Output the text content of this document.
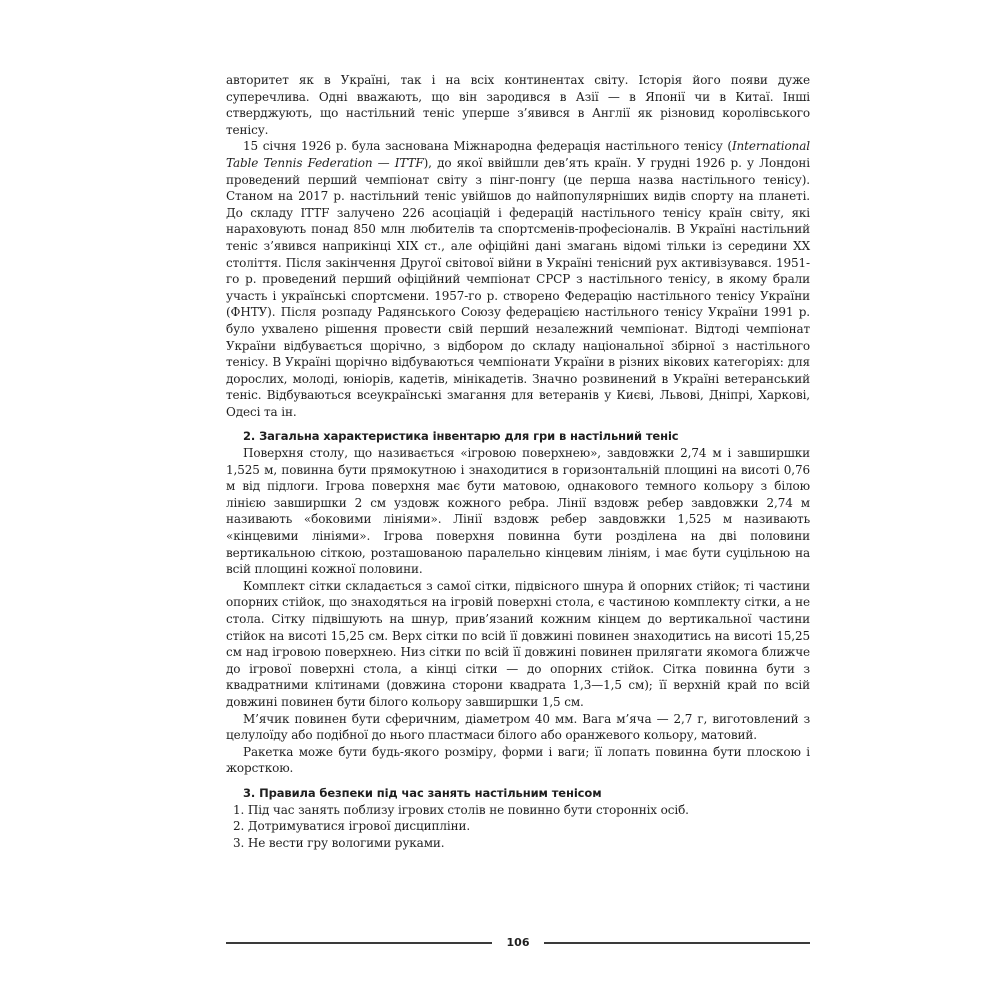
авторитет як в Україні, так і на всіх континентах світу. Історія його появи дуже суперечлива. Одні вважають, що він зародився в Азії — в Японії чи в Китаї. Інші стверджують, що настільний теніс уперше з’явився в Англії як різновид королівського тенісу.

15 січня 1926 р. була заснована Міжнародна федерація настільного тенісу (International Table Tennis Federation — ITTF), до якої ввійшли дев’ять країн. У грудні 1926 р. у Лондоні проведений перший чемпіонат світу з пінг-понгу (це перша назва настільного тенісу). Станом на 2017 р. настільний теніс увійшов до найпопулярніших видів спорту на планеті. До складу ITTF залучено 226 асоціацій і федерацій настільного тенісу країн світу, які нараховують понад 850 млн любителів та спортсменів-професіоналів. В Україні настільний теніс з’явився наприкінці XIX ст., але офіційні дані змагань відомі тільки із середини XX століття. Після закінчення Другої світової війни в Україні тенісний рух активізувався. 1951-го р. проведений перший офіційний чемпіонат СРСР з настільного тенісу, в якому брали участь і українські спортсмени. 1957-го р. створено Федерацію настільного тенісу України (ФНТУ). Після розпаду Радянського Союзу федерацією настільного тенісу України 1991 р. було ухвалено рішення провести свій перший незалежний чемпіонат. Відтоді чемпіонат України відбувається щорічно, з відбором до складу національної збірної з настільного тенісу. В Україні щорічно відбуваються чемпіонати України в різних вікових категоріях: для дорослих, молоді, юніорів, кадетів, мінікадетів. Значно розвинений в Україні ветеранський теніс. Відбуваються всеукраїнські змагання для ветеранів у Києві, Львові, Дніпрі, Харкові, Одесі та ін.

2. Загальна характеристика інвентарю для гри в настільний теніс

Поверхня столу, що називається «ігровою поверхнею», завдовжки 2,74 м і завширшки 1,525 м, повинна бути прямокутною і знаходитися в горизонтальній площині на висоті 0,76 м від підлоги. Ігрова поверхня має бути матовою, однакового темного кольору з білою лінією завширшки 2 см уздовж кожного ребра. Лінії вздовж ребер завдовжки 2,74 м називають «боковими лініями». Лінії вздовж ребер завдовжки 1,525 м називають «кінцевими лініями». Ігрова поверхня повинна бути розділена на дві половини вертикальною сіткою, розташованою паралельно кінцевим лініям, і має бути суцільною на всій площині кожної половини.

Комплект сітки складається з самої сітки, підвісного шнура й опорних стійок; ті частини опорних стійок, що знаходяться на ігровій поверхні стола, є частиною комплекту сітки, а не стола. Сітку підвішують на шнур, прив’язаний кожним кінцем до вертикальної частини стійок на висоті 15,25 см. Верх сітки по всій її довжині повинен знаходитись на висоті 15,25 см над ігровою поверхнею. Низ сітки по всій її довжині повинен прилягати якомога ближче до ігрової поверхні стола, а кінці сітки — до опорних стійок. Сітка повинна бути з квадратними клітинами (довжина сторони квадрата 1,3—1,5 см); її верхній край по всій довжині повинен бути білого кольору завширшки 1,5 см.

М’ячик повинен бути сферичним, діаметром 40 мм. Вага м’яча — 2,7 г, виготовлений з целулоїду або подібної до нього пластмаси білого або оранжевого кольору, матовий.

Ракетка може бути будь-якого розміру, форми і ваги; її лопать повинна бути плоскою і жорсткою.

3. Правила безпеки під час занять настільним тенісом
1. Під час занять поблизу ігрових столів не повинно бути сторонніх осіб.
2. Дотримуватися ігрової дисципліни.
3. Не вести гру вологими руками.
106
